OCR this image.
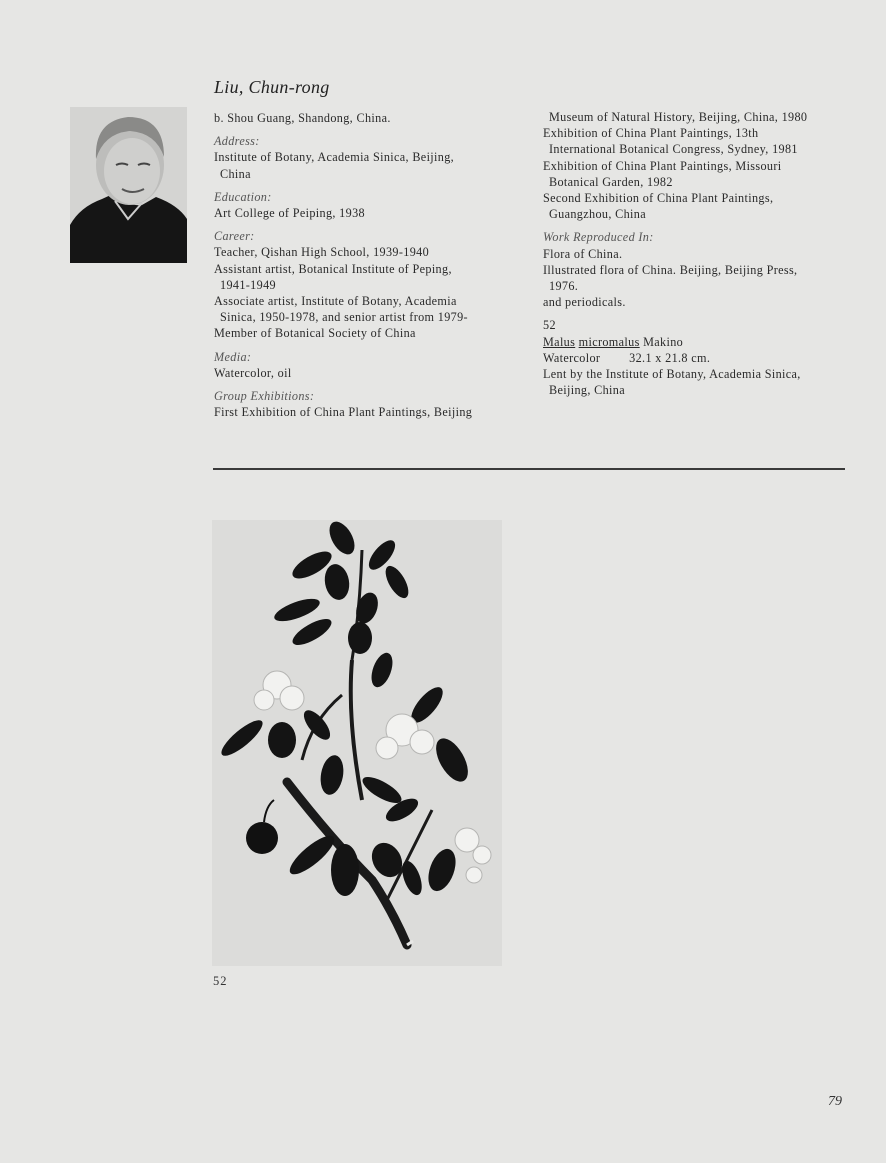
Liu, Chun-rong
b. Shou Guang, Shandong, China.
Address:
Institute of Botany, Academia Sinica, Beijing,
China
Education:
Art College of Peiping, 1938
Career:
Teacher, Qishan High School, 1939-1940
Assistant artist, Botanical Institute of Peping,
1941-1949
Associate artist, Institute of Botany, Academia
Sinica, 1950-1978, and senior artist from 1979-
Member of Botanical Society of China
Media:
Watercolor, oil
Group Exhibitions:
First Exhibition of China Plant Paintings, Beijing
Museum of Natural History, Beijing, China, 1980
Exhibition of China Plant Paintings, 13th
International Botanical Congress, Sydney, 1981
Exhibition of China Plant Paintings, Missouri
Botanical Garden, 1982
Second Exhibition of China Plant Paintings,
Guangzhou, China
Work Reproduced In:
Flora of China.
Illustrated flora of China. Beijing, Beijing Press,
1976.
and periodicals.
52
Malus micromalus Makino
Watercolor 32.1 x 21.8 cm.
Lent by the Institute of Botany, Academia Sinica,
Beijing, China
52
79
